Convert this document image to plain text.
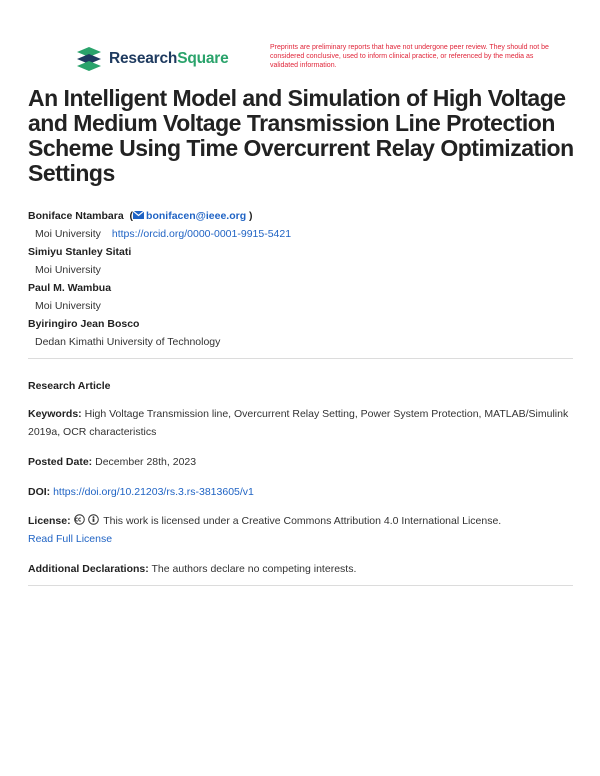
ResearchSquare
Preprints are preliminary reports that have not undergone peer review. They should not be considered conclusive, used to inform clinical practice, or referenced by the media as validated information.
An Intelligent Model and Simulation of High Voltage and Medium Voltage Transmission Line Protection Scheme Using Time Overcurrent Relay Optimization Settings
Boniface Ntambara  ( bonifacen@ieee.org )
Moi University https://orcid.org/0000-0001-9915-5421
Simiyu Stanley Sitati
Moi University
Paul M. Wambua
Moi University
Byiringiro Jean Bosco
Dedan Kimathi University of Technology
Research Article
Keywords: High Voltage Transmission line, Overcurrent Relay Setting, Power System Protection, MATLAB/Simulink 2019a, OCR characteristics
Posted Date: December 28th, 2023
DOI: https://doi.org/10.21203/rs.3.rs-3813605/v1
License:	This work is licensed under a Creative Commons Attribution 4.0 International License.
Read Full License
Additional Declarations: The authors declare no competing interests.
